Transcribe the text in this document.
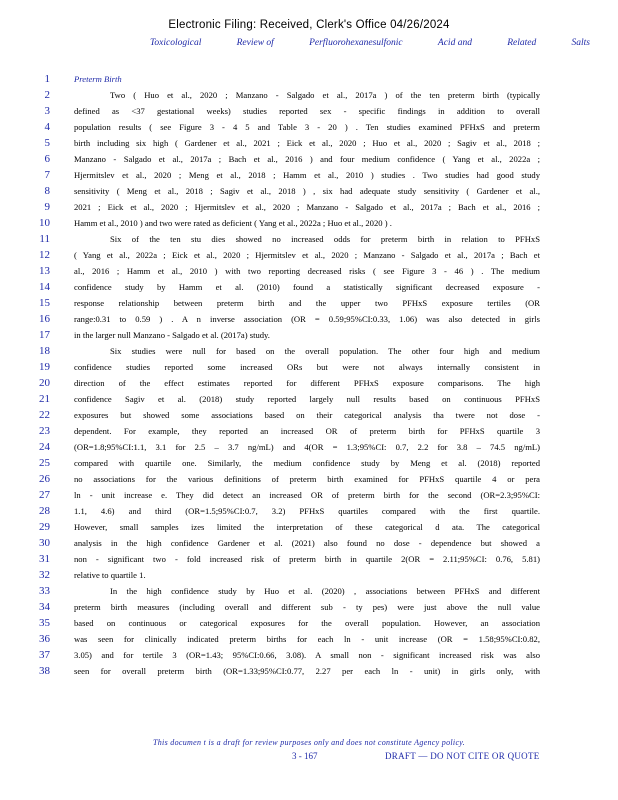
Electronic Filing: Received, Clerk's Office 04/26/2024
Toxicological	Review of	Perfluorohexanesulfonic	Acid and	Related	Salts
1	Preterm Birth
2	Two ( Huo et al., 2020 ; Manzano - Salgado et al., 2017a ) of the ten preterm birth (typically
3	defined as <37 gestational weeks) studies reported sex - specific findings in addition to overall
4	population results ( see Figure 3 - 4 5 and Table 3 - 20 ) . Ten studies examined PFHxS and preterm
5	birth including six high ( Gardener et al., 2021 ; Eick et al., 2020 ; Huo et al., 2020 ; Sagiv et al., 2018 ;
6	Manzano - Salgado et al., 2017a ; Bach et al., 2016 ) and four medium confidence ( Yang et al., 2022a ;
7	Hjermitslev et al., 2020 ; Meng et al., 2018 ; Hamm et al., 2010 ) studies . Two studies had good study
8	sensitivity ( Meng et al., 2018 ; Sagiv et al., 2018 ) , six had adequate study sensitivity ( Gardener et al.,
9	2021 ; Eick et al., 2020 ; Hjermitslev et al., 2020 ; Manzano - Salgado et al., 2017a ; Bach et al., 2016 ;
10	Hamm et al., 2010 ) and two were rated as deficient ( Yang et al., 2022a ; Huo et al., 2020 ) .
11	Six of the ten stu dies showed no increased odds for preterm birth in relation to PFHxS
12	( Yang et al., 2022a ; Eick et al., 2020 ; Hjermitslev et al., 2020 ; Manzano - Salgado et al., 2017a ; Bach et
13	al., 2016 ; Hamm et al., 2010 ) with two reporting decreased risks ( see Figure 3 - 46 ) . The medium
14	confidence study by Hamm et al. (2010) found a statistically significant decreased exposure -
15	response relationship between preterm birth and the upper two PFHxS exposure tertiles (OR
16	range:0.31 to 0.59 ) . A n inverse association (OR = 0.59;95%CI:0.33, 1.06) was also detected in girls
17	in the larger null Manzano - Salgado et al. (2017a) study.
18	Six studies were null for based on the overall population. The other four high and medium
19	confidence studies reported some increased ORs but were not always internally consistent in
20	direction of the effect estimates reported for different PFHxS exposure comparisons. The high
21	confidence Sagiv et al. (2018) study reported largely null results based on continuous PFHxS
22	exposures but showed some associations based on their categorical analysis tha twere not dose -
23	dependent. For example, they reported an increased OR of preterm birth for PFHxS quartile 3
24	(OR=1.8;95%CI:1.1, 3.1 for 2.5 – 3.7 ng/mL) and 4(OR = 1.3;95%CI: 0.7, 2.2 for 3.8 – 74.5 ng/mL)
25	compared with quartile one. Similarly, the medium confidence study by Meng et al. (2018) reported
26	no associations for the various definitions of preterm birth examined for PFHxS quartile 4 or pera
27	ln - unit increase e. They did detect an increased OR of preterm birth for the second (OR=2.3;95%CI:
28	1.1, 4.6) and third (OR=1.5;95%CI:0.7, 3.2) PFHxS quartiles compared with the first quartile.
29	However, small samples izes limited the interpretation of these categorical d ata. The categorical
30	analysis in the high confidence Gardener et al. (2021) also found no dose - dependence but showed a
31	non - significant two - fold increased risk of preterm birth in quartile 2(OR = 2.11;95%CI: 0.76, 5.81)
32	relative to quartile 1.
33	In the high confidence study by Huo et al. (2020) , associations between PFHxS and different
34	preterm birth measures (including overall and different sub - ty pes) were just above the null value
35	based on continuous or categorical exposures for the overall population. However, an association
36	was seen for clinically indicated preterm births for each ln - unit increase (OR = 1.58;95%CI:0.82,
37	3.05) and for tertile 3 (OR=1.43; 95%CI:0.66, 3.08). A small non - significant increased risk was also
38	seen for overall preterm birth (OR=1.33;95%CI:0.77, 2.27 per each ln - unit) in girls only, with
This documen t is a draft for review purposes only and does not constitute Agency policy.
3 - 167	DRAFT — DO NOT CITE OR QUOTE
